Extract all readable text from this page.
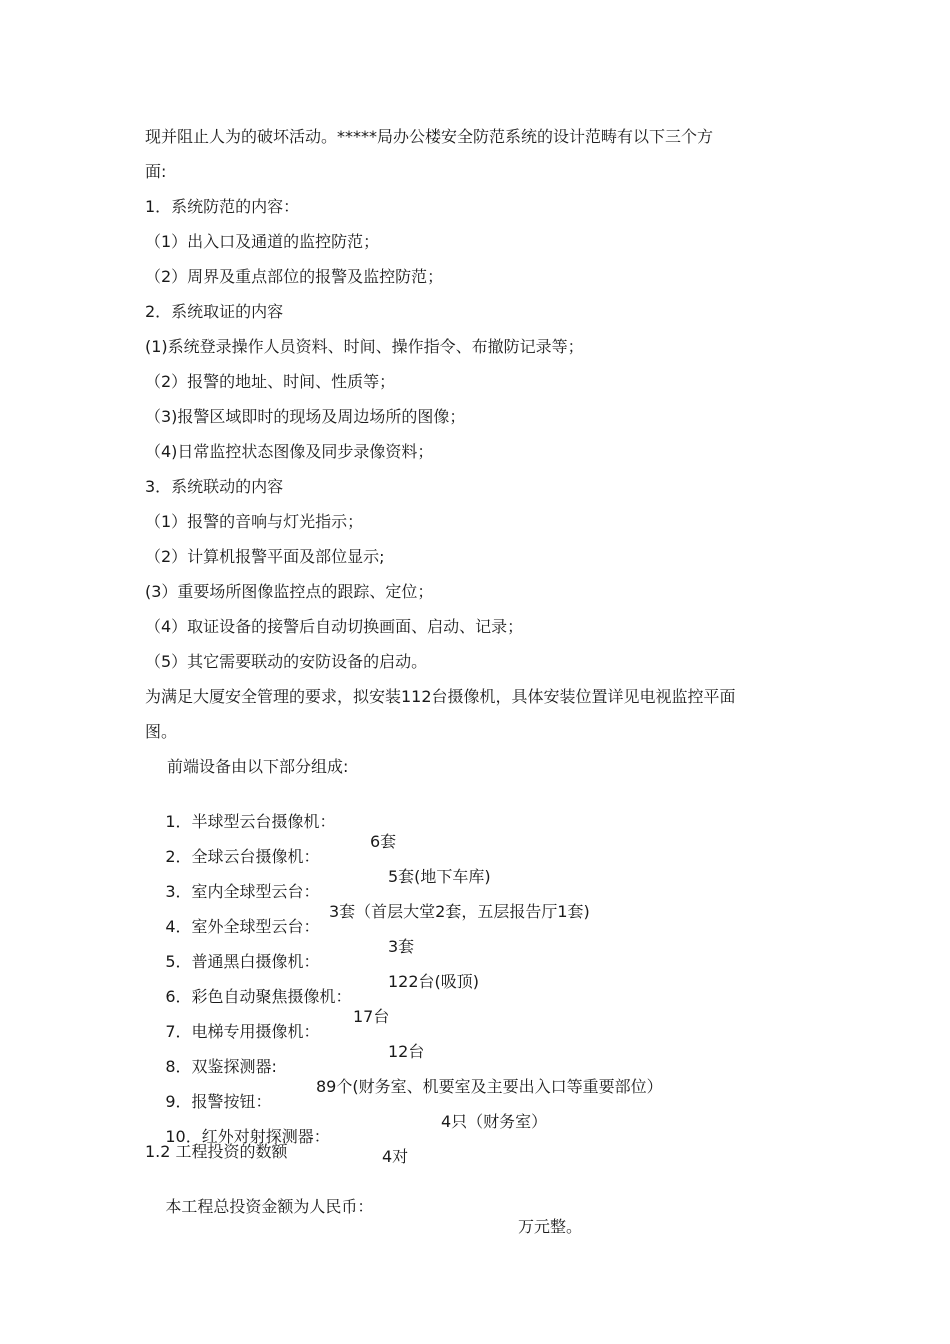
现并阻止人为的破坏活动。*****局办公楼安全防范系统的设计范畴有以下三个方
面:
1．系统防范的内容：
（1）出入口及通道的监控防范；
（2）周界及重点部位的报警及监控防范；
2．系统取证的内容
(1)系统登录操作人员资料、时间、操作指令、布撤防记录等；
（2）报警的地址、时间、性质等；
（3)报警区域即时的现场及周边场所的图像；
（4)日常监控状态图像及同步录像资料；
3．系统联动的内容
（1）报警的音响与灯光指示；
（2）计算机报警平面及部位显示;
(3）重要场所图像监控点的跟踪、定位；
（4）取证设备的接警后自动切换画面、启动、记录；
（5）其它需要联动的安防设备的启动。
为满足大厦安全管理的要求，拟安装112台摄像机，具体安装位置详见电视监控平面
图。
前端设备由以下部分组成:

1．半球型云台摄像机：

6套

2．全球云台摄像机：

5套(地下车库)

3．室内全球型云台：

3套（首层大堂2套，五层报告厅1套)

4．室外全球型云台：

3套

5．普通黑白摄像机：

122台(吸顶)

6．彩色自动聚焦摄像机：

17台

7．电梯专用摄像机：

12台

8．双鉴探测器:

89个(财务室、机要室及主要出入口等重要部位）

9．报警按钮：

4只（财务室）

10．红外对射探测器：

4对

1.2 工程投资的数额

本工程总投资金额为人民币：

万元整。
